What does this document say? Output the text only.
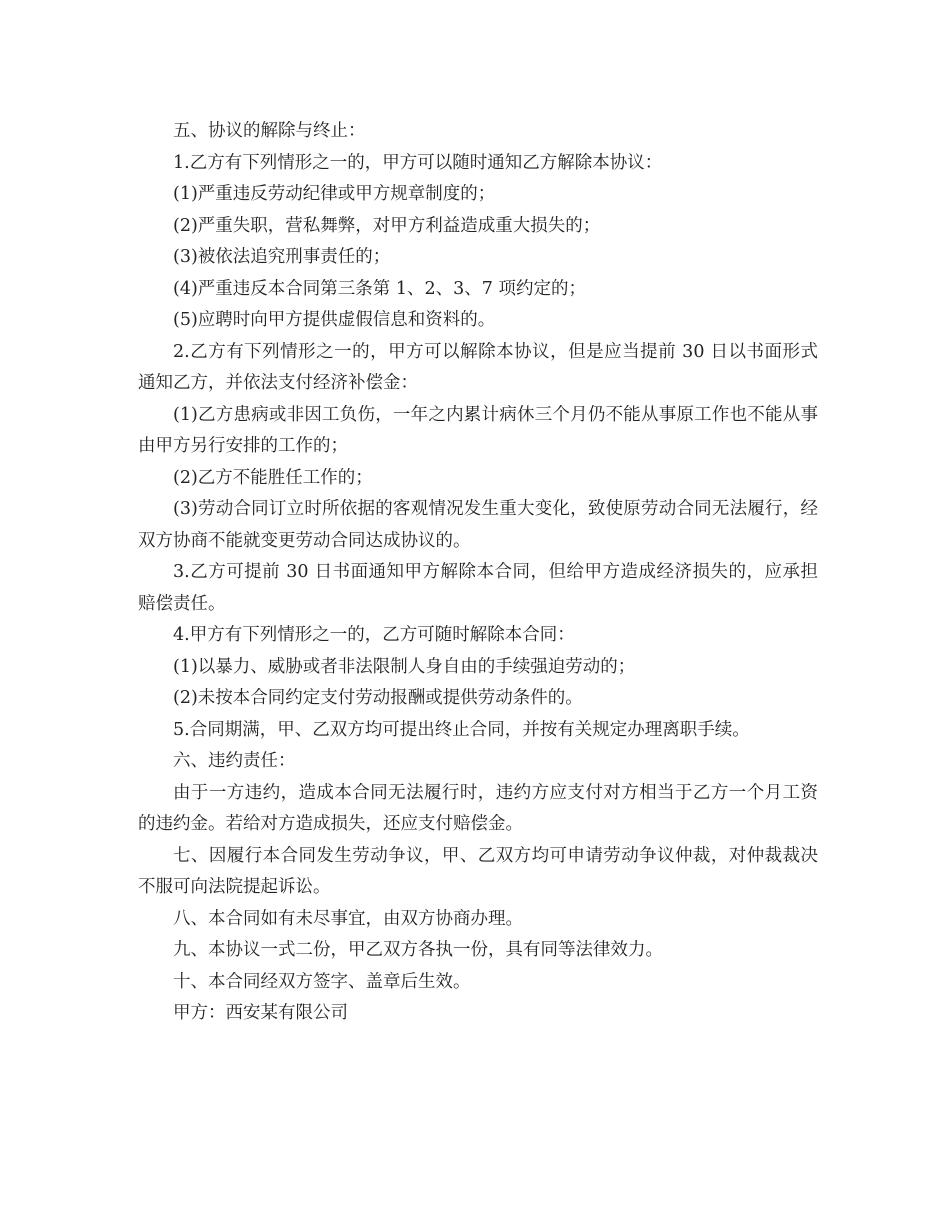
五、协议的解除与终止：

1.乙方有下列情形之一的，甲方可以随时通知乙方解除本协议：

(1)严重违反劳动纪律或甲方规章制度的；

(2)严重失职，营私舞弊，对甲方利益造成重大损失的；

(3)被依法追究刑事责任的；

(4)严重违反本合同第三条第 1、2、3、7 项约定的；

(5)应聘时向甲方提供虚假信息和资料的。

2.乙方有下列情形之一的，甲方可以解除本协议，但是应当提前 30 日以书面形式通知乙方，并依法支付经济补偿金：

(1)乙方患病或非因工负伤，一年之内累计病休三个月仍不能从事原工作也不能从事由甲方另行安排的工作的；

(2)乙方不能胜任工作的；

(3)劳动合同订立时所依据的客观情况发生重大变化，致使原劳动合同无法履行，经双方协商不能就变更劳动合同达成协议的。

3.乙方可提前 30 日书面通知甲方解除本合同，但给甲方造成经济损失的，应承担赔偿责任。

4.甲方有下列情形之一的，乙方可随时解除本合同：

(1)以暴力、威胁或者非法限制人身自由的手续强迫劳动的；

(2)未按本合同约定支付劳动报酬或提供劳动条件的。

5.合同期满，甲、乙双方均可提出终止合同，并按有关规定办理离职手续。

六、违约责任：

由于一方违约，造成本合同无法履行时，违约方应支付对方相当于乙方一个月工资的违约金。若给对方造成损失，还应支付赔偿金。

七、因履行本合同发生劳动争议，甲、乙双方均可申请劳动争议仲裁，对仲裁裁决不服可向法院提起诉讼。

八、本合同如有未尽事宜，由双方协商办理。

九、本协议一式二份，甲乙双方各执一份，具有同等法律效力。

十、本合同经双方签字、盖章后生效。

甲方：西安某有限公司
